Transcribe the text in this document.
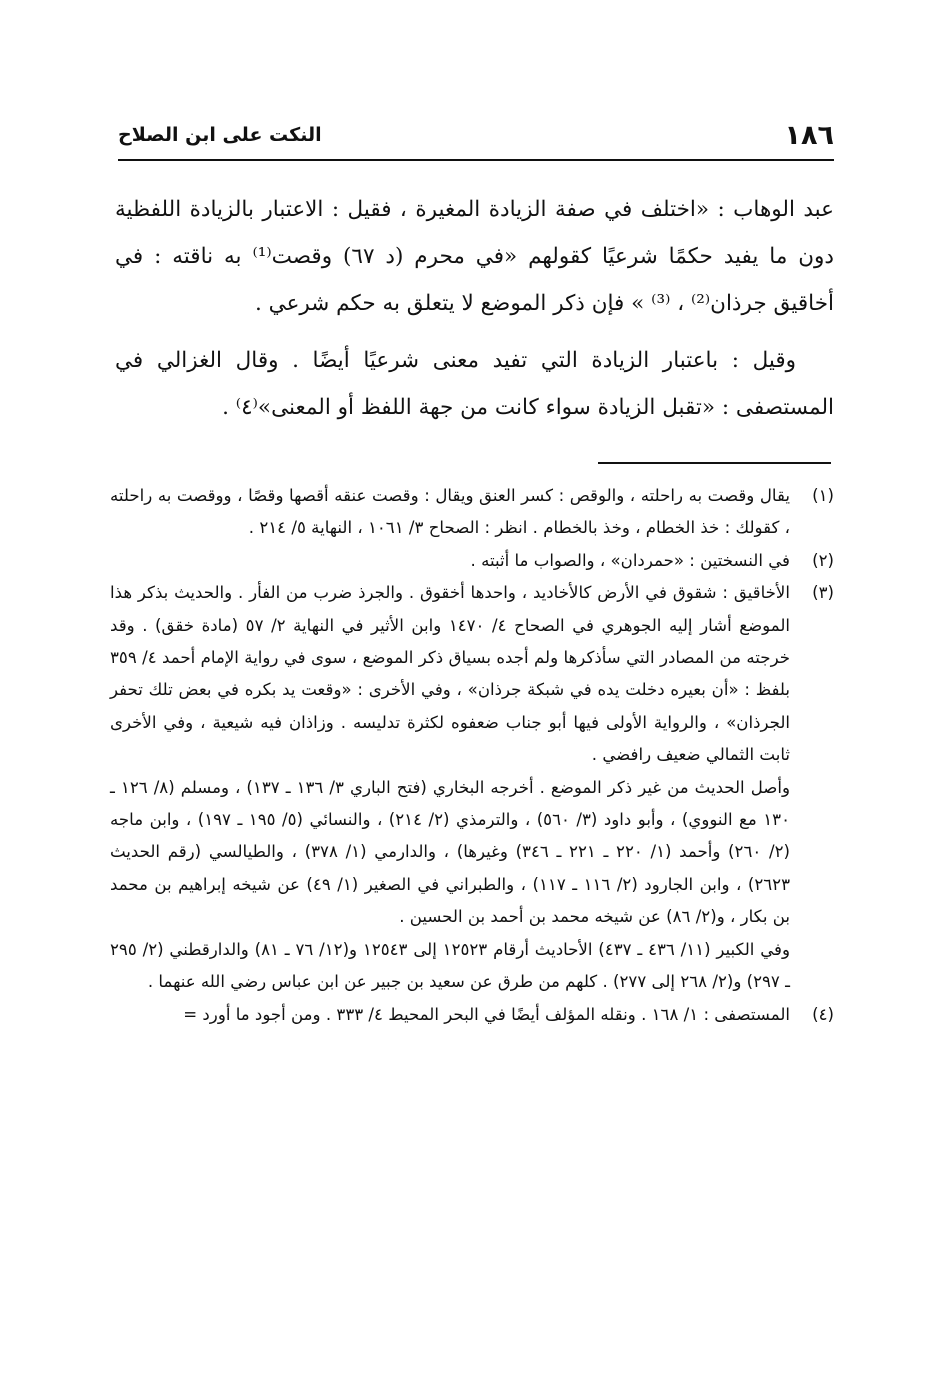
١٨٦
النكت على ابن الصلاح

عبد الوهاب : «اختلف في صفة الزيادة المغيرة ، فقيل : الاعتبار بالزيادة اللفظية دون ما يفيد حكمًا شرعيًا كقولهم «في محرم (د ٦٧) وقصت⁽¹⁾ به ناقته : في أخاقيق جرذان⁽²⁾ ، ⁽³⁾ » فإن ذكر الموضع لا يتعلق به حكم شرعي .

وقيل : باعتبار الزيادة التي تفيد معنى شرعيًا أيضًا . وقال الغزالي في المستصفى : «تقبل الزيادة سواء كانت من جهة اللفظ أو المعنى»⁽٤⁾ .

(١)

يقال وقصت به راحلته ، والوقص : كسر العنق ويقال : وقصت عنقه أقصها وقصًا ، ووقصت به راحلته ، كقولك : خذ الخطام ، وخذ بالخطام . انظر : الصحاح ٣/ ١٠٦١ ، النهاية ٥/ ٢١٤ .

(٢)

في النسختين : «حمردان» ، والصواب ما أثبته .

(٣)

الأخاقيق : شقوق في الأرض كالأخاديد ، واحدها أخقوق . والجرذ ضرب من الفأر . والحديث بذكر هذا الموضع أشار إليه الجوهري في الصحاح ٤/ ١٤٧٠ وابن الأثير في النهاية ٢/ ٥٧ (مادة خقق) . وقد خرجته من المصادر التي سأذكرها ولم أجده بسياق ذكر الموضع ، سوى في رواية الإمام أحمد ٤/ ٣٥٩ بلفظ : «أن بعيره دخلت يده في شبكة جرذان» ، وفي الأخرى : «وقعت يد بكره في بعض تلك تحفر الجرذان» ، والرواية الأولى فيها أبو جناب ضعفوه لكثرة تدليسه . وزاذان فيه شيعية ، وفي الأخرى ثابت الثمالي ضعيف رافضي .

وأصل الحديث من غير ذكر الموضع . أخرجه البخاري (فتح الباري ٣/ ١٣٦ ـ ١٣٧) ، ومسلم (٨/ ١٢٦ ـ ١٣٠ مع النووي) ، وأبو داود (٣/ ٥٦٠) ، والترمذي (٢/ ٢١٤) ، والنسائي (٥/ ١٩٥ ـ ١٩٧) ، وابن ماجه (٢/ ٢٦٠) وأحمد (١/ ٢٢٠ ـ ٢٢١ ـ ٣٤٦) وغيرها) ، والدارمي (١/ ٣٧٨) ، والطيالسي (رقم الحديث ٢٦٢٣) ، وابن الجارود (٢/ ١١٦ ـ ١١٧) ، والطبراني في الصغير (١/ ٤٩) عن شيخه إبراهيم بن محمد بن بكار ، و(٢/ ٨٦) عن شيخه محمد بن أحمد بن الحسين .

وفي الكبير (١١/ ٤٣٦ ـ ٤٣٧) الأحاديث أرقام ١٢٥٢٣ إلى ١٢٥٤٣ و(١٢/ ٧٦ ـ ٨١) والدارقطني (٢/ ٢٩٥ ـ ٢٩٧) و(٢/ ٢٦٨ إلى ٢٧٧) . كلهم من طرق عن سعيد بن جبير عن ابن عباس رضي الله عنهما .

(٤)

المستصفى : ١/ ١٦٨ . ونقله المؤلف أيضًا في البحر المحيط ٤/ ٣٣٣ . ومن أجود ما أورد =
